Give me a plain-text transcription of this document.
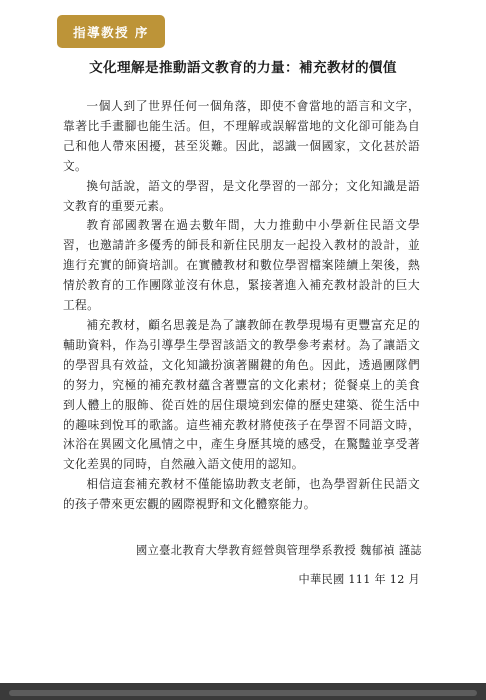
指導教授 序
文化理解是推動語文教育的力量：補充教材的價值

一個人到了世界任何一個角落，即使不會當地的語言和文字，靠著比手畫腳也能生活。但，不理解或誤解當地的文化卻可能為自己和他人帶來困擾，甚至災難。因此，認識一個國家，文化甚於語文。

換句話說，語文的學習，是文化學習的一部分；文化知識是語文教育的重要元素。

教育部國教署在過去數年間，大力推動中小學新住民語文學習，也邀請許多優秀的師長和新住民朋友一起投入教材的設計，並進行充實的師資培訓。在實體教材和數位學習檔案陸續上架後，熱情於教育的工作團隊並沒有休息，緊接著進入補充教材設計的巨大工程。

補充教材，顧名思義是為了讓教師在教學現場有更豐富充足的輔助資料，作為引導學生學習該語文的教學參考素材。為了讓語文的學習具有效益，文化知識扮演著關鍵的角色。因此，透過團隊們的努力，究極的補充教材蘊含著豐富的文化素材；從餐桌上的美食到人體上的服飾、從百姓的居住環境到宏偉的歷史建築、從生活中的趣味到悅耳的歌謠。這些補充教材將使孩子在學習不同語文時，沐浴在異國文化風情之中，產生身歷其境的感受，在驚豔並享受著文化差異的同時，自然融入語文使用的認知。

相信這套補充教材不僅能協助教支老師，也為學習新住民語文的孩子帶來更宏觀的國際視野和文化體察能力。

國立臺北教育大學教育經營與管理學系教授 魏郁禎 謹誌
中華民國 111 年 12 月
